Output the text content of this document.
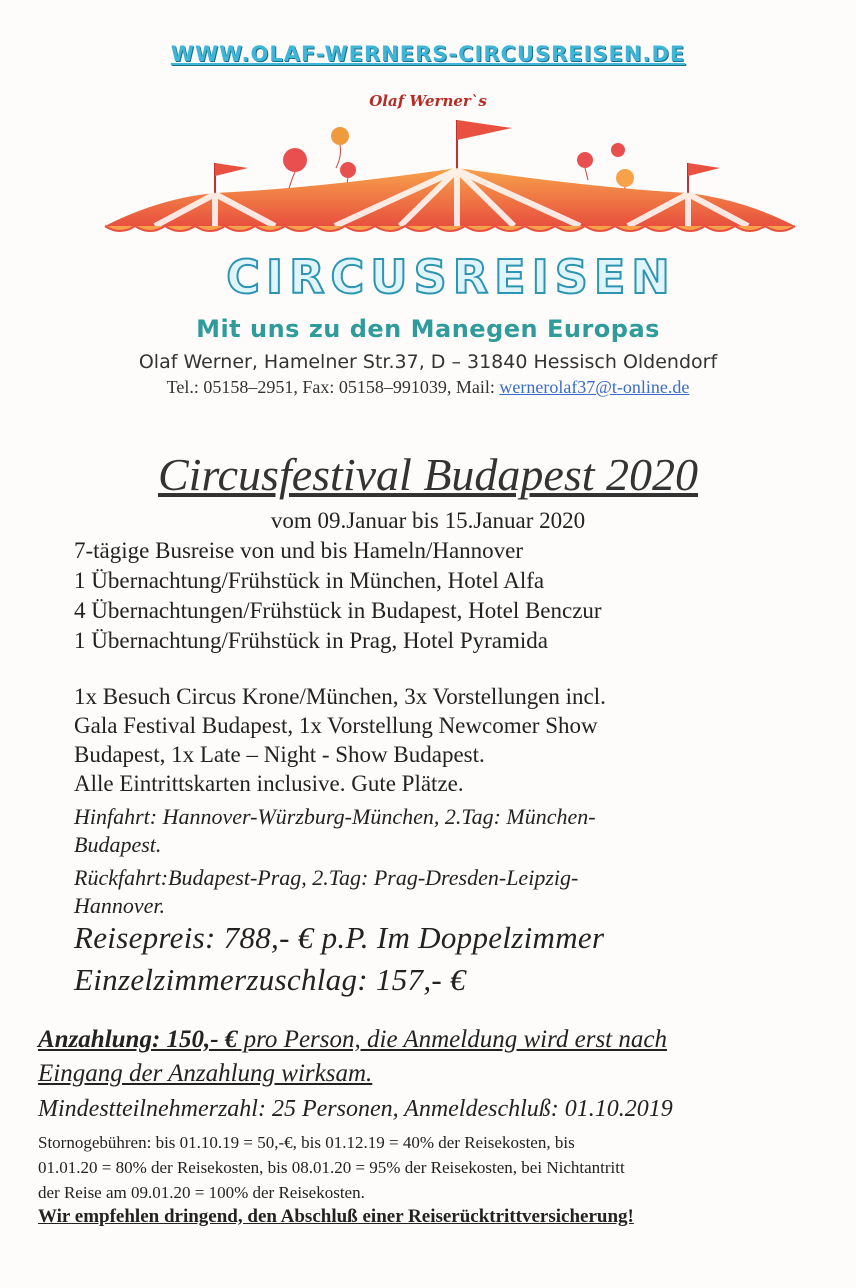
WWW.OLAF-WERNERS-CIRCUSREISEN.DE
Olaf Werner`s
CIRCUSREISEN
Mit uns zu den Manegen Europas
Olaf Werner, Hamelner Str.37, D – 31840 Hessisch Oldendorf
Tel.: 05158–2951, Fax: 05158–991039, Mail: wernerolaf37@t-online.de
Circusfestival Budapest 2020
vom 09.Januar bis 15.Januar 2020
7-tägige Busreise von und bis Hameln/Hannover
1 Übernachtung/Frühstück in München, Hotel Alfa
4 Übernachtungen/Frühstück in Budapest, Hotel Benczur
1 Übernachtung/Frühstück in Prag, Hotel Pyramida
1x Besuch Circus Krone/München, 3x Vorstellungen incl.
Gala Festival Budapest, 1x Vorstellung Newcomer Show
Budapest, 1x Late – Night - Show Budapest.
Alle Eintrittskarten inclusive. Gute Plätze.
Hinfahrt: Hannover-Würzburg-München, 2.Tag: München-
Budapest.
Rückfahrt:Budapest-Prag, 2.Tag: Prag-Dresden-Leipzig-
Hannover.
Reisepreis: 788,- € p.P. Im Doppelzimmer
Einzelzimmerzuschlag: 157,- €
Anzahlung: 150,- € pro Person, die Anmeldung wird erst nach
Eingang der Anzahlung wirksam.
Mindestteilnehmerzahl: 25 Personen, Anmeldeschluß: 01.10.2019
Stornogebühren: bis 01.10.19 = 50,-€, bis 01.12.19 = 40% der Reisekosten, bis
01.01.20 = 80% der Reisekosten, bis 08.01.20 = 95% der Reisekosten, bei Nichtantritt
der Reise am 09.01.20 = 100% der Reisekosten.
Wir empfehlen dringend, den Abschluß einer Reiserücktrittversicherung!
